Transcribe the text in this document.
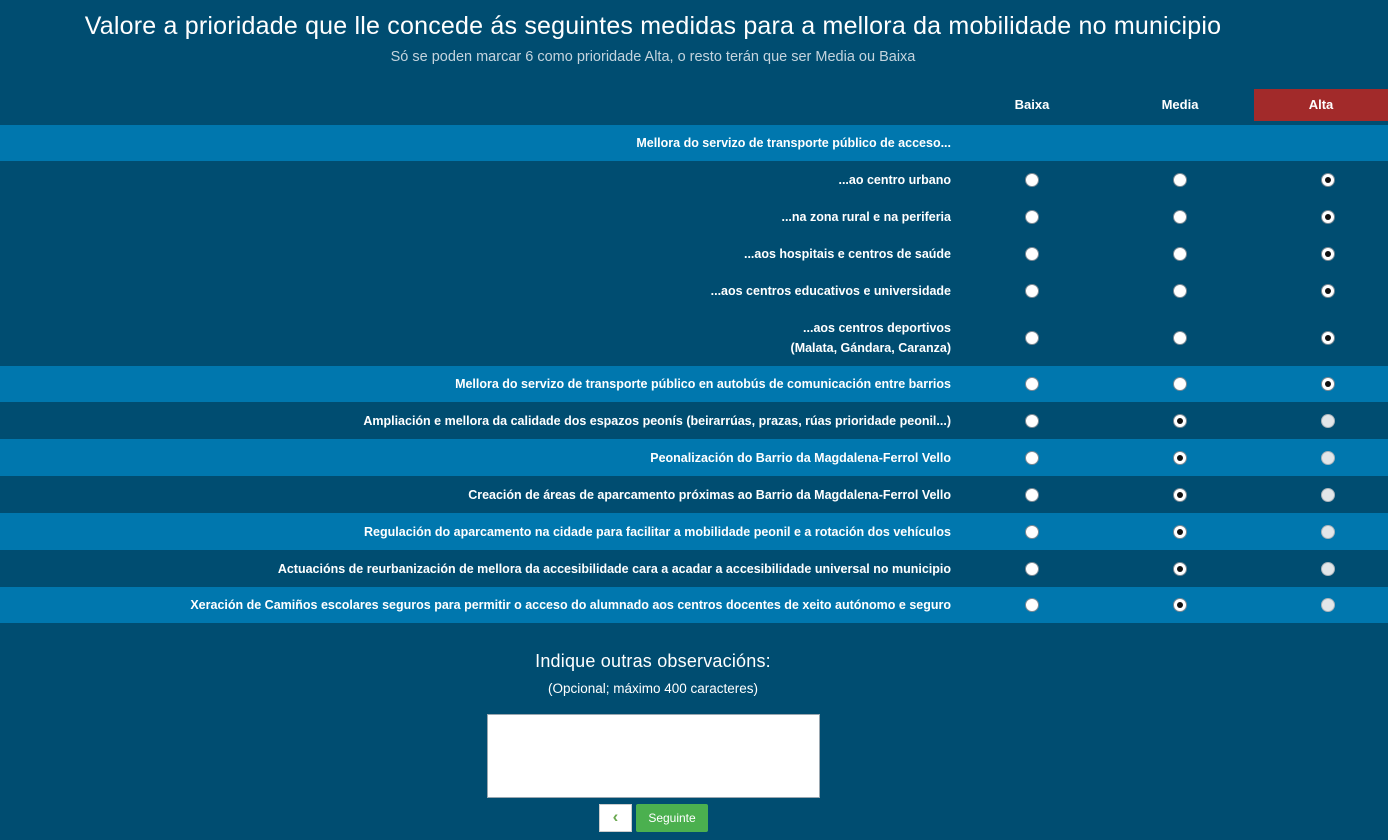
Valore a prioridade que lle concede ás seguintes medidas para a mellora da mobilidade no municipio
Só se poden marcar 6 como prioridade Alta, o resto terán que ser Media ou Baixa
Baixa	Media	Alta
Mellora do servizo de transporte público de acceso...
...ao centro urbano
...na zona rural e na periferia
...aos hospitais e centros de saúde
...aos centros educativos e universidade
...aos centros deportivos
(Malata, Gándara, Caranza)
Mellora do servizo de transporte público en autobús de comunicación entre barrios
Ampliación e mellora da calidade dos espazos peonís (beirarrúas, prazas, rúas prioridade peonil...)
Peonalización do Barrio da Magdalena-Ferrol Vello
Creación de áreas de aparcamento próximas ao Barrio da Magdalena-Ferrol Vello
Regulación do aparcamento na cidade para facilitar a mobilidade peonil e a rotación dos vehículos
Actuacións de reurbanización de mellora da accesibilidade cara a acadar a accesibilidade universal no municipio
Xeración de Camiños escolares seguros para permitir o acceso do alumnado aos centros docentes de xeito autónomo e seguro
Indique outras observacións:
(Opcional; máximo 400 caracteres)
‹	Seguinte
